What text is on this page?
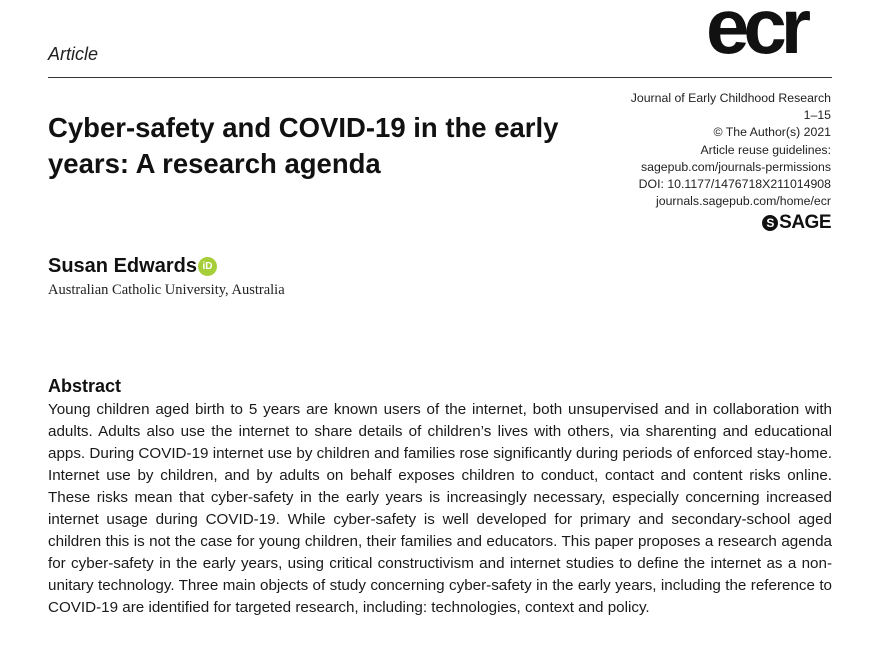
Article	ecr
Journal of Early Childhood Research
1–15
© The Author(s) 2021
Article reuse guidelines:
sagepub.com/journals-permissions
DOI: 10.1177/1476718X211014908
journals.sagepub.com/home/ecr
S SAGE
Cyber-safety and COVID-19 in the early years: A research agenda
Susan Edwards iD
Australian Catholic University, Australia
Abstract

Young children aged birth to 5 years are known users of the internet, both unsupervised and in collaboration with adults. Adults also use the internet to share details of children’s lives with others, via sharenting and educational apps. During COVID-19 internet use by children and families rose significantly during periods of enforced stay-home. Internet use by children, and by adults on behalf exposes children to conduct, contact and content risks online. These risks mean that cyber-safety in the early years is increasingly necessary, especially concerning increased internet usage during COVID-19. While cyber-safety is well developed for primary and secondary-school aged children this is not the case for young children, their families and educators. This paper proposes a research agenda for cyber-safety in the early years, using critical constructivism and internet studies to define the internet as a non-unitary technology. Three main objects of study concerning cyber-safety in the early years, including the reference to COVID-19 are identified for targeted research, including: technologies, context and policy.
